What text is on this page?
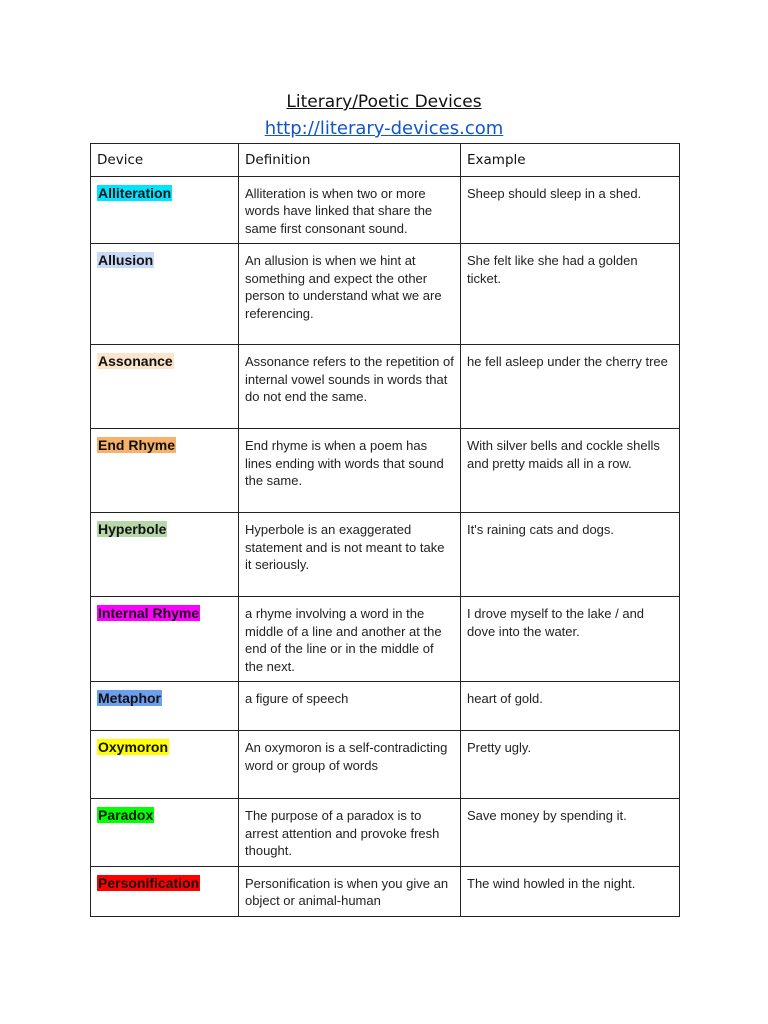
Literary/Poetic Devices
http://literary-devices.com
Device	Definition	Example
Alliteration	Alliteration is when two or more words have linked that share the same first consonant sound.	Sheep should sleep in a shed.
Allusion	An allusion is when we hint at something and expect the other person to understand what we are referencing.	She felt like she had a golden ticket.
Assonance	Assonance refers to the repetition of internal vowel sounds in words that do not end the same.	he fell asleep under the cherry tree
End Rhyme	End rhyme is when a poem has lines ending with words that sound the same.	With silver bells and cockle shells and pretty maids all in a row.
Hyperbole	Hyperbole is an exaggerated statement and is not meant to take it seriously.	It's raining cats and dogs.
Internal Rhyme	a rhyme involving a word in the middle of a line and another at the end of the line or in the middle of the next.	I drove myself to the lake / and dove into the water.
Metaphor	a figure of speech	heart of gold.
Oxymoron	An oxymoron is a self-contradicting word or group of words	Pretty ugly.
Paradox	The purpose of a paradox is to arrest attention and provoke fresh thought.	Save money by spending it.
Personification	Personification is when you give an object or animal-human	The wind howled in the night.
